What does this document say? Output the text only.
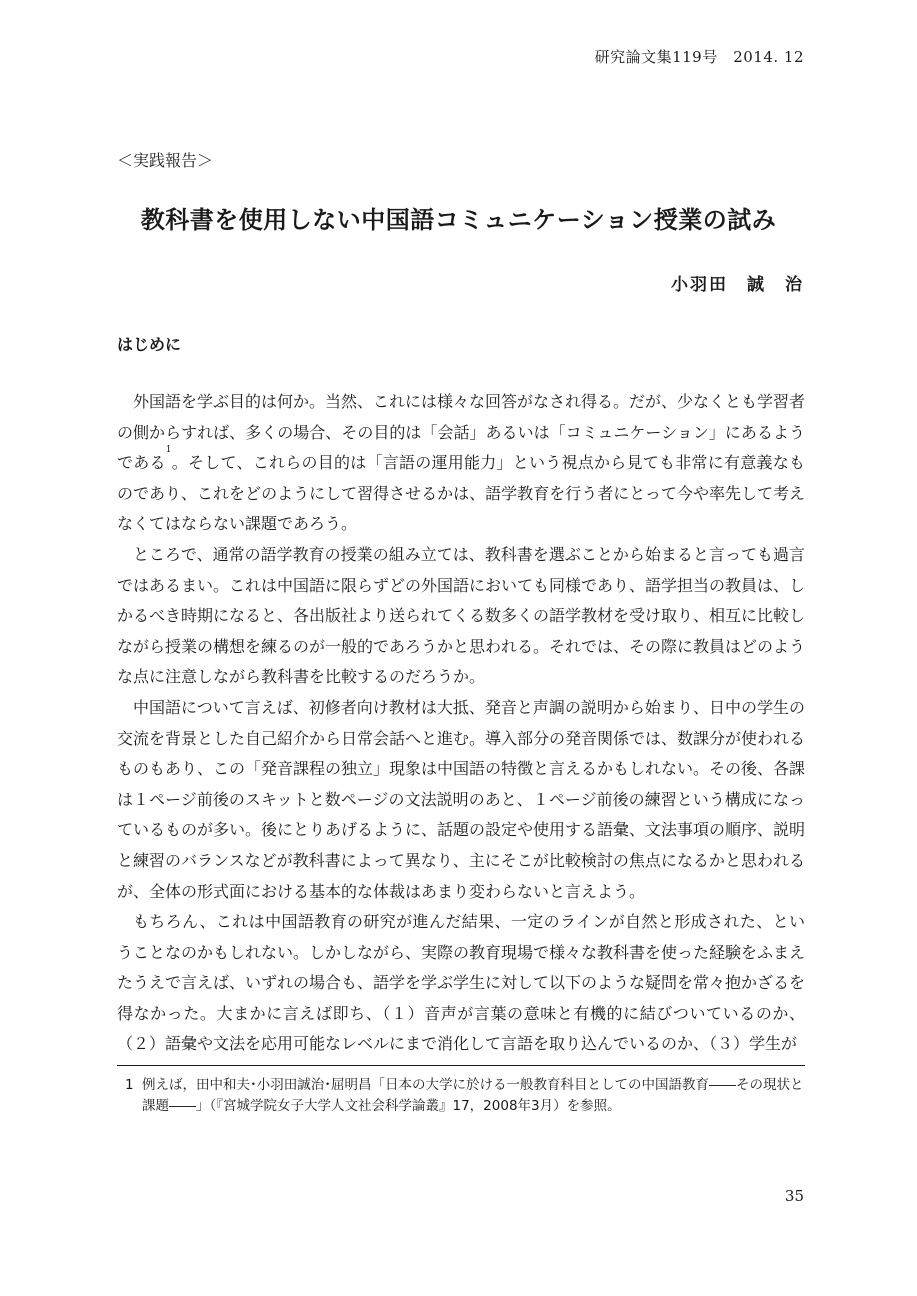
研究論文集119号　2014. 12
＜実践報告＞
教科書を使用しない中国語コミュニケーション授業の試み
小羽田　誠　治
はじめに

外国語を学ぶ目的は何か。当然、これには様々な回答がなされ得る。だが、少なくとも学習者の側からすれば、多くの場合、その目的は「会話」あるいは「コミュニケーション」にあるようである$^1$。そして、これらの目的は「言語の運用能力」という視点から見ても非常に有意義なものであり、これをどのようにして習得させるかは、語学教育を行う者にとって今や率先して考えなくてはならない課題であろう。

ところで、通常の語学教育の授業の組み立ては、教科書を選ぶことから始まると言っても過言ではあるまい。これは中国語に限らずどの外国語においても同様であり、語学担当の教員は、しかるべき時期になると、各出版社より送られてくる数多くの語学教材を受け取り、相互に比較しながら授業の構想を練るのが一般的であろうかと思われる。それでは、その際に教員はどのような点に注意しながら教科書を比較するのだろうか。

中国語について言えば、初修者向け教材は大抵、発音と声調の説明から始まり、日中の学生の交流を背景とした自己紹介から日常会話へと進む。導入部分の発音関係では、数課分が使われるものもあり、この「発音課程の独立」現象は中国語の特徴と言えるかもしれない。その後、各課は１ページ前後のスキットと数ページの文法説明のあと、１ページ前後の練習という構成になっているものが多い。後にとりあげるように、話題の設定や使用する語彙、文法事項の順序、説明と練習のバランスなどが教科書によって異なり、主にそこが比較検討の焦点になるかと思われるが、全体の形式面における基本的な体裁はあまり変わらないと言えよう。

もちろん、これは中国語教育の研究が進んだ結果、一定のラインが自然と形成された、ということなのかもしれない。しかしながら、実際の教育現場で様々な教科書を使った経験をふまえたうえで言えば、いずれの場合も、語学を学ぶ学生に対して以下のような疑問を常々抱かざるを得なかった。大まかに言えば即ち、（１）音声が言葉の意味と有機的に結びついているのか、（２）語彙や文法を応用可能なレベルにまで消化して言語を取り込んでいるのか、（３）学生が

1 例えば，田中和夫･小羽田誠治･屈明昌「日本の大学に於ける一般教育科目としての中国語教育――その現状と課題――」（『宮城学院女子大学人文社会科学論叢』17，2008年3月）を参照。
35
